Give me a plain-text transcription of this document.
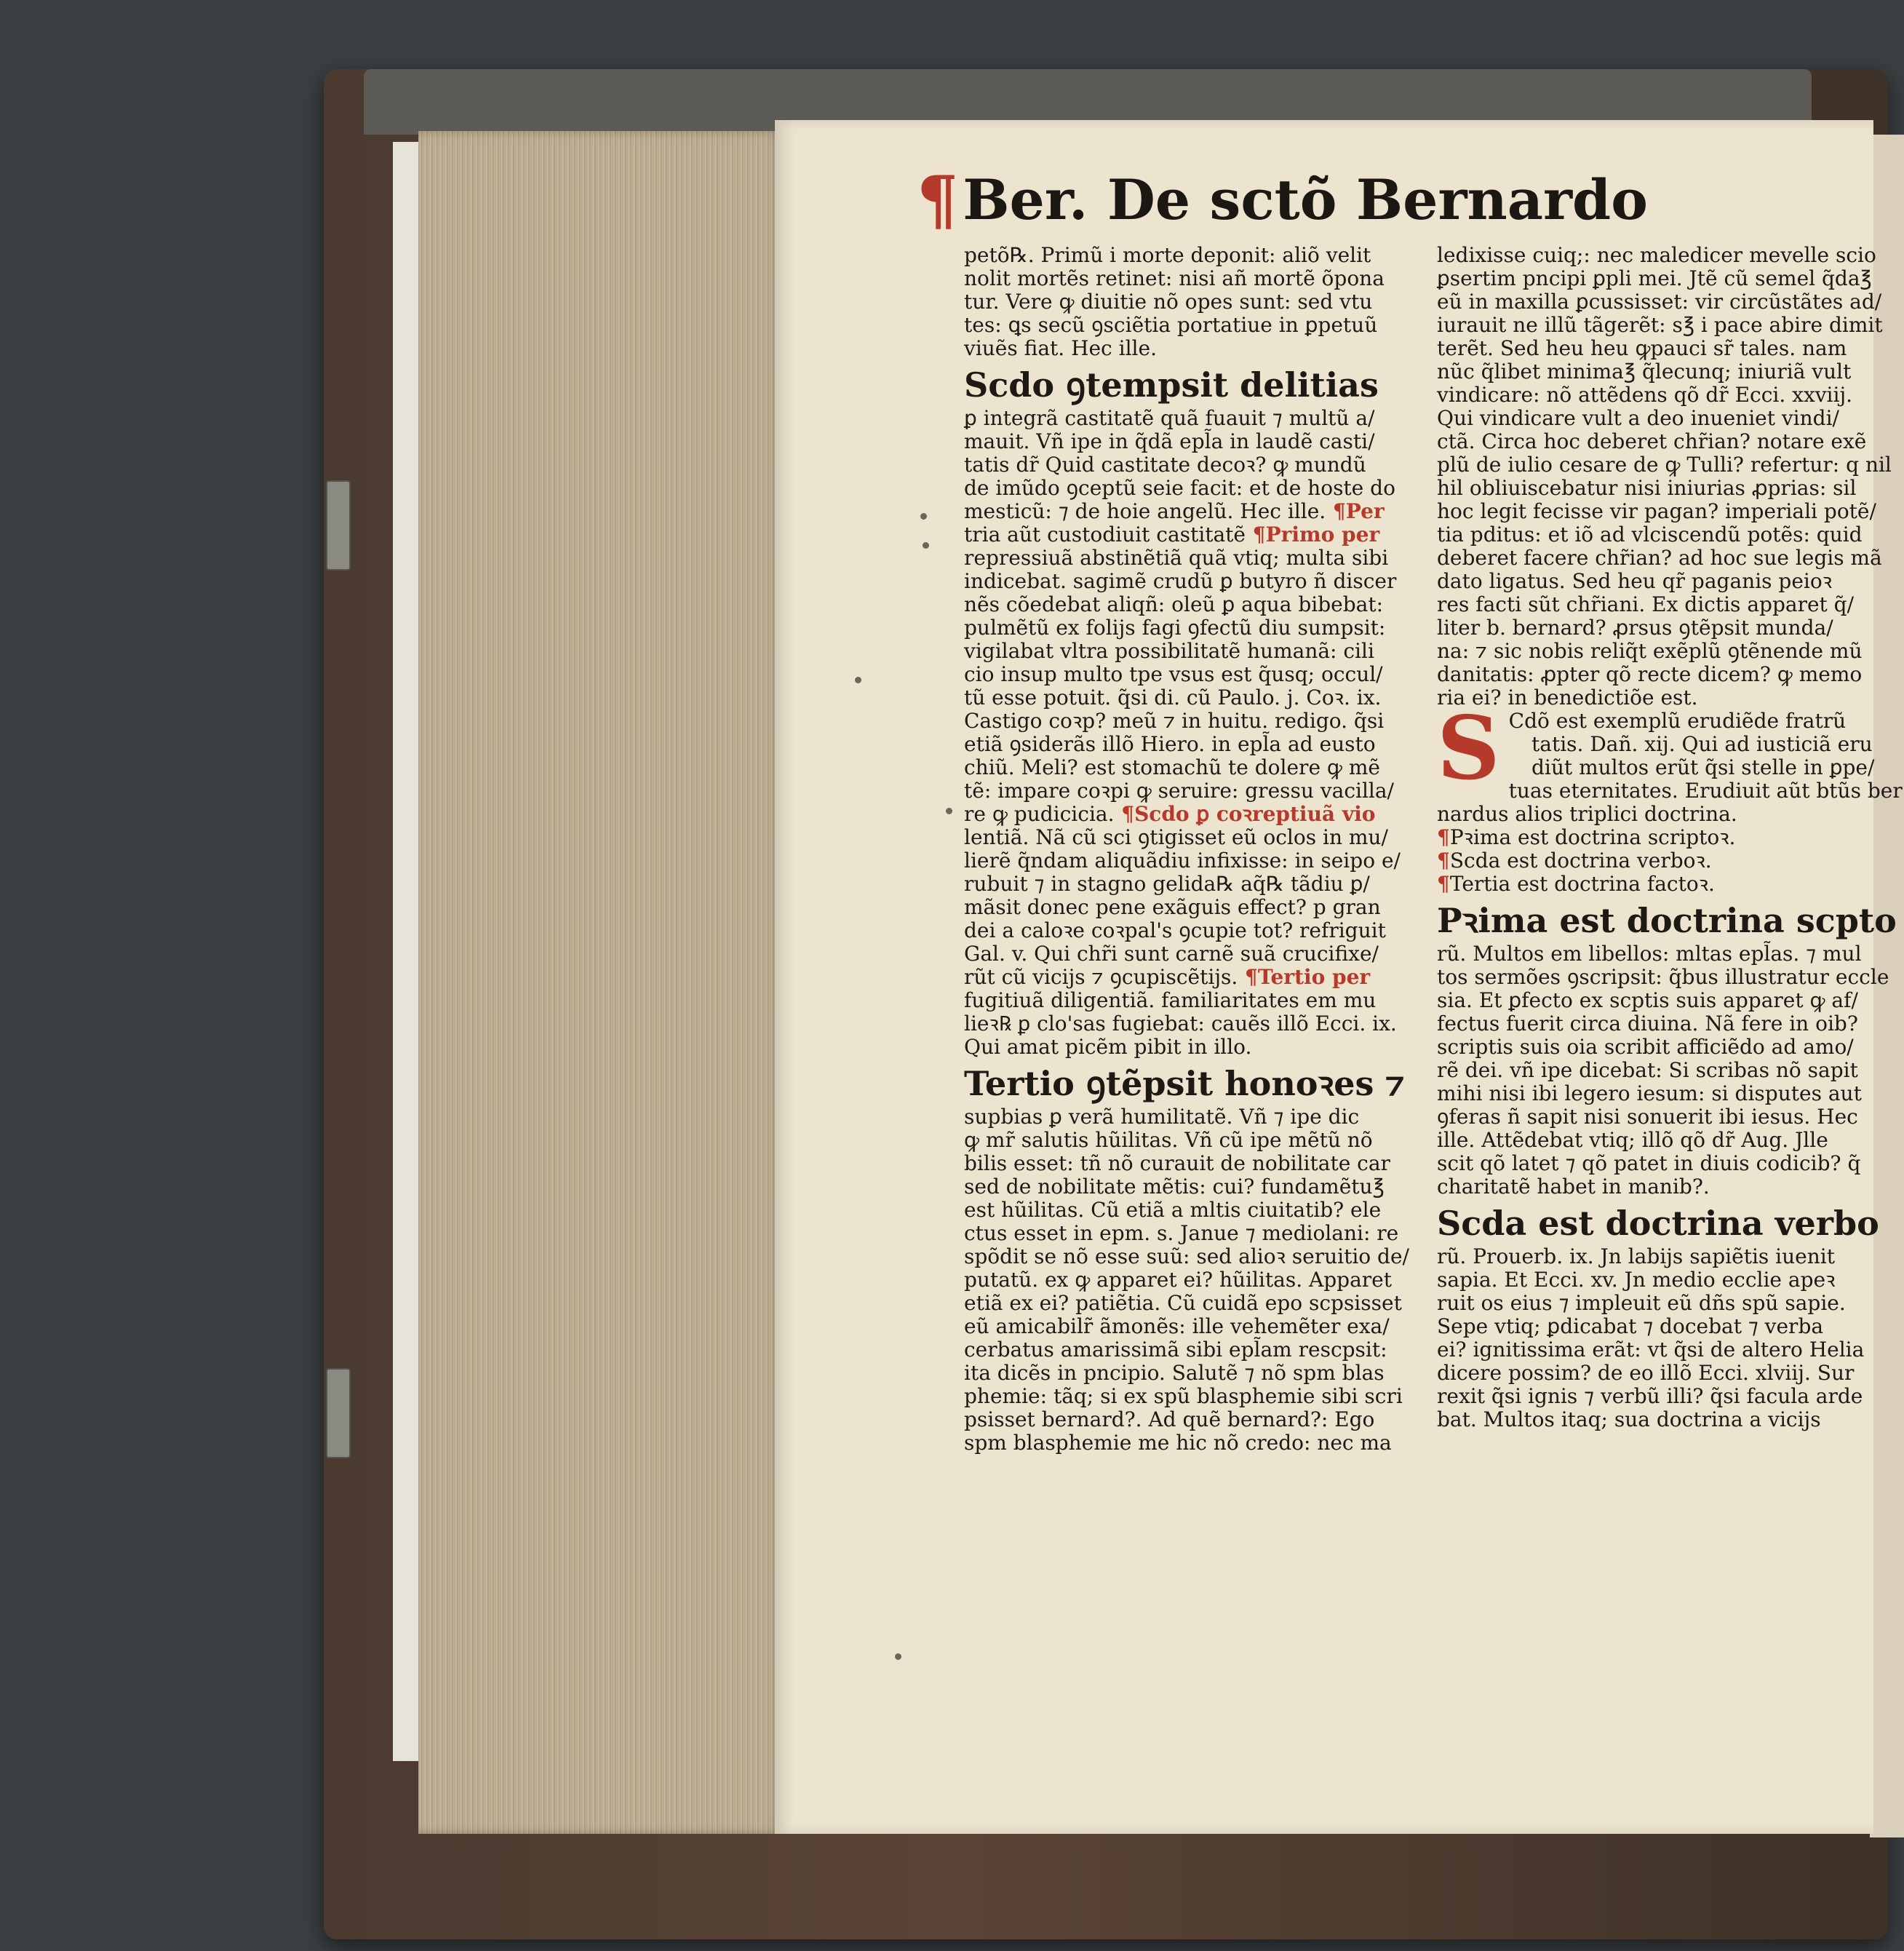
¶ Ber. De sctõ Bernardo
petõ℞. Primũ i morte deponit: aliõ velit
nolit mortẽs retinet: nisi añ mortẽ õpona
tur. Vere ꝙ diuitie nõ opes sunt: sed vtu
tes: ꝗs secũ ꝯsciẽtia portatiue in ꝑpetuũ
viuẽs fiat. Hec ille.
Scdo ꝯtempsit delitias
ꝑ integrã castitatẽ quã fuauit ⁊ multũ a/
mauit. Vñ ipe in q̃dã epl̃a in laudẽ casti/
tatis dr̃ Quid castitate decoꝛ? ꝙ mundũ
de imũdo ꝯceptũ seie facit: et de hoste do
mesticũ: ⁊ de hoie angelũ. Hec ille. ¶Per
tria aũt custodiuit castitatẽ ¶Primo per
repressiuã abstinẽtiã quã vtiq; multa sibi
indicebat. sagimẽ crudũ ꝑ butyro ñ discer
nẽs cõedebat aliqñ: oleũ ꝑ aqua bibebat:
pulmẽtũ ex folijs fagi ꝯfectũ diu sumpsit:
vigilabat vltra possibilitatẽ humanã: cili
cio insup multo tpe vsus est q̃usq; occul/
tũ esse potuit. q̃si di. cũ Paulo. j. Coꝛ. ix.
Castigo coꝛp? meũ ⁊ in huitu. redigo. q̃si
etiã ꝯsiderãs illõ Hiero. in epl̃a ad eusto
chiũ. Meli? est stomachũ te dolere ꝙ mẽ
tẽ: impare coꝛpi ꝙ seruire: gressu vacilla/
re ꝙ pudicicia. ¶Scdo ꝑ coꝛreptiuã vio
lentiã. Nã cũ sci ꝯtigisset eũ oclos in mu/
lierẽ q̃ndam aliquãdiu infixisse: in seipo e/
rubuit ⁊ in stagno gelida℞ aq̃℞ tãdiu ꝑ/
mãsit donec pene exãguis effect? p gran
dei a caloꝛe coꝛpal's ꝯcupie tot? refriguit
Gal. v. Qui chr̃i sunt carnẽ suã crucifixe/
rũt cũ vicijs ⁊ ꝯcupiscẽtijs. ¶Tertio per
fugitiuã diligentiã. familiaritates em mu
lieꝛ℞ ꝑ clo'sas fugiebat: cauẽs illõ Ecci. ix.
Qui amat picẽm pibit in illo.
Tertio ꝯtẽpsit honoꝛes ⁊
supbias ꝑ verã humilitatẽ. Vñ ⁊ ipe dic
ꝙ mr̃ salutis hũilitas. Vñ cũ ipe mẽtũ nõ
bilis esset: tñ nõ curauit de nobilitate car
sed de nobilitate mẽtis: cui? fundamẽtu℥
est hũilitas. Cũ etiã a mltis ciuitatib? ele
ctus esset in epm. s. Janue ⁊ mediolani: re
spõdit se nõ esse suũ: sed alioꝛ seruitio de/
putatũ. ex ꝙ apparet ei? hũilitas. Apparet
etiã ex ei? patiẽtia. Cũ cuidã epo scpsisset
eũ amicabilr̃ ãmonẽs: ille vehemẽter exa/
cerbatus amarissimã sibi epl̃am rescpsit:
ita dicẽs in pncipio. Salutẽ ⁊ nõ spm blas
phemie: tãq; si ex spũ blasphemie sibi scri
psisset bernard?. Ad quẽ bernard?: Ego
spm blasphemie me hic nõ credo: nec ma
ledixisse cuiq;: nec maledicer mevelle scio
ꝑsertim pncipi ꝑpli mei. Jtẽ cũ semel q̃da℥
eũ in maxilla ꝑcussisset: vir circũstãtes ad/
iurauit ne illũ tãgerẽt: s℥ i pace abire dimit
terẽt. Sed heu heu ꝙpauci sr̃ tales. nam
nũc q̃libet minima℥ q̃lecunq; iniuriã vult
vindicare: nõ attẽdens qõ dr̃ Ecci. xxviij.
Qui vindicare vult a deo inueniet vindi/
ctã. Circa hoc deberet chr̃ian? notare exẽ
plũ de iulio cesare de ꝙ Tulli? refertur: q nil
hil obliuiscebatur nisi iniurias ꝓprias: sil
hoc legit fecisse vir pagan? imperiali potẽ/
tia pditus: et iõ ad vlciscendũ potẽs: quid
deberet facere chr̃ian? ad hoc sue legis mã
dato ligatus. Sed heu qr̃ paganis peioꝛ
res facti sũt chr̃iani. Ex dictis apparet q̃/
liter b. bernard? ꝓrsus ꝯtẽpsit munda/
na: ⁊ sic nobis reliq̃t exẽplũ ꝯtẽnende mũ
danitatis: ꝓpter qõ recte dicem? ꝙ memo
ria ei? in benedictiõe est.
S Cdõ est exemplũ erudiẽde fratrũ
tatis. Dañ. xij. Qui ad iusticiã eru
diũt multos erũt q̃si stelle in ꝑpe/
tuas eternitates. Erudiuit aũt btũs ber
nardus alios triplici doctrina.
¶Pꝛima est doctrina scriptoꝛ.
¶Scda est doctrina verboꝛ.
¶Tertia est doctrina factoꝛ.
Pꝛima est doctrina scpto
rũ. Multos em libellos: mltas epl̃as. ⁊ mul
tos sermões ꝯscripsit: q̃bus illustratur eccle
sia. Et ꝑfecto ex scptis suis apparet ꝙ af/
fectus fuerit circa diuina. Nã fere in oib?
scriptis suis oia scribit afficiẽdo ad amo/
rẽ dei. vñ ipe dicebat: Si scribas nõ sapit
mihi nisi ibi legero iesum: si disputes aut
ꝯferas ñ sapit nisi sonuerit ibi iesus. Hec
ille. Attẽdebat vtiq; illõ qõ dr̃ Aug. Jlle
scit qõ latet ⁊ qõ patet in diuis codicib? q̃
charitatẽ habet in manib?.
Scda est doctrina verbo
rũ. Prouerb. ix. Jn labijs sapiẽtis iuenit
sapia. Et Ecci. xv. Jn medio ecclie apeꝛ
ruit os eius ⁊ impleuit eũ dñs spũ sapie.
Sepe vtiq; ꝑdicabat ⁊ docebat ⁊ verba
ei? ignitissima erãt: vt q̃si de altero Helia
dicere possim? de eo illõ Ecci. xlviij. Sur
rexit q̃si ignis ⁊ verbũ illi? q̃si facula arde
bat. Multos itaq; sua doctrina a vicijs
